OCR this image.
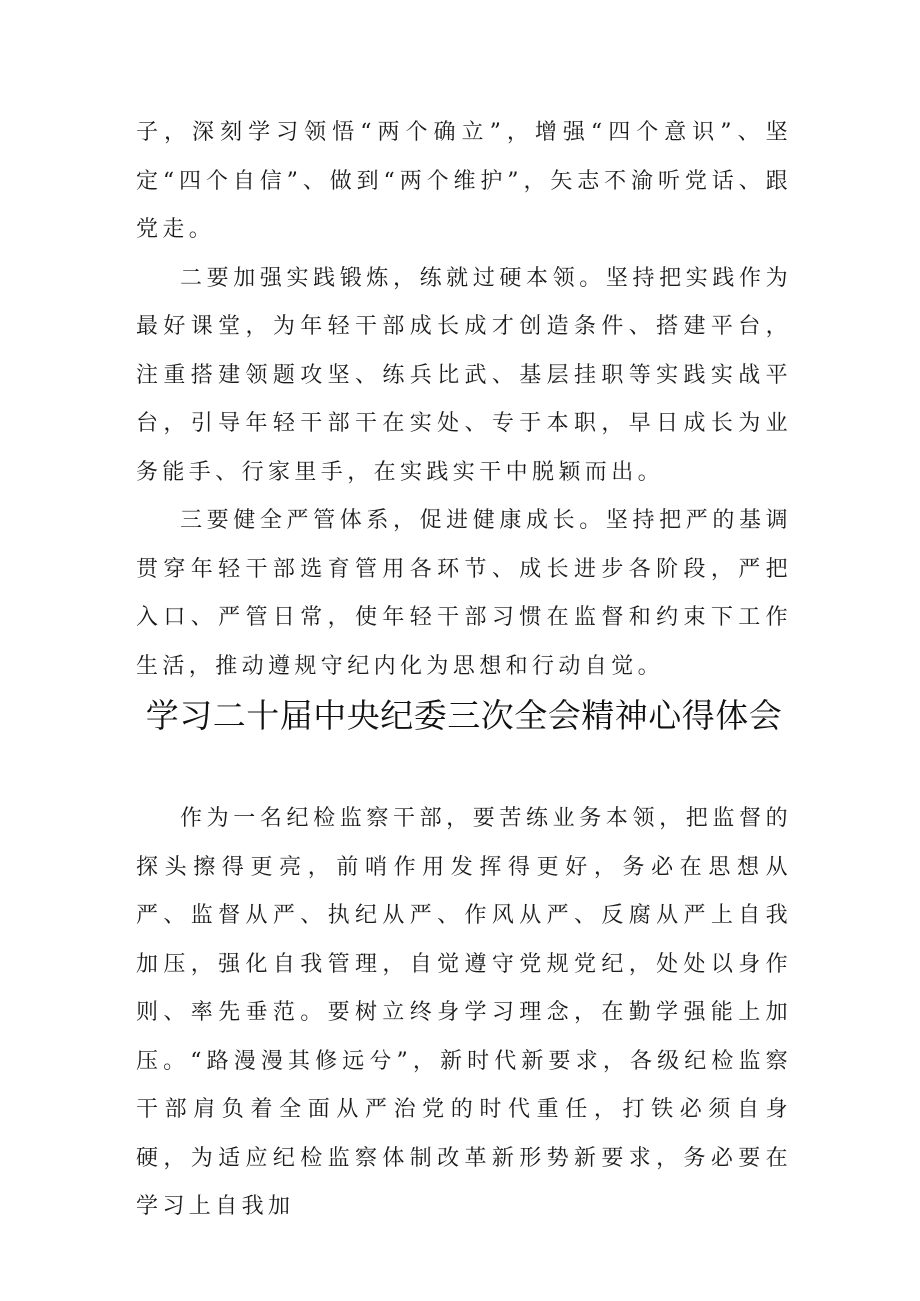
子，深刻学习领悟“两个确立”，增强“四个意识”、坚定“四个自信”、做到“两个维护”，矢志不渝听党话、跟党走。

二要加强实践锻炼，练就过硬本领。坚持把实践作为最好课堂，为年轻干部成长成才创造条件、搭建平台，注重搭建领题攻坚、练兵比武、基层挂职等实践实战平台，引导年轻干部干在实处、专于本职，早日成长为业务能手、行家里手，在实践实干中脱颖而出。

三要健全严管体系，促进健康成长。坚持把严的基调贯穿年轻干部选育管用各环节、成长进步各阶段，严把入口、严管日常，使年轻干部习惯在监督和约束下工作生活，推动遵规守纪内化为思想和行动自觉。

学习二十届中央纪委三次全会精神心得体会

作为一名纪检监察干部，要苦练业务本领，把监督的探头擦得更亮，前哨作用发挥得更好，务必在思想从严、监督从严、执纪从严、作风从严、反腐从严上自我加压，强化自我管理，自觉遵守党规党纪，处处以身作则、率先垂范。要树立终身学习理念，在勤学强能上加压。“路漫漫其修远兮”，新时代新要求，各级纪检监察干部肩负着全面从严治党的时代重任，打铁必须自身硬，为适应纪检监察体制改革新形势新要求，务必要在学习上自我加
